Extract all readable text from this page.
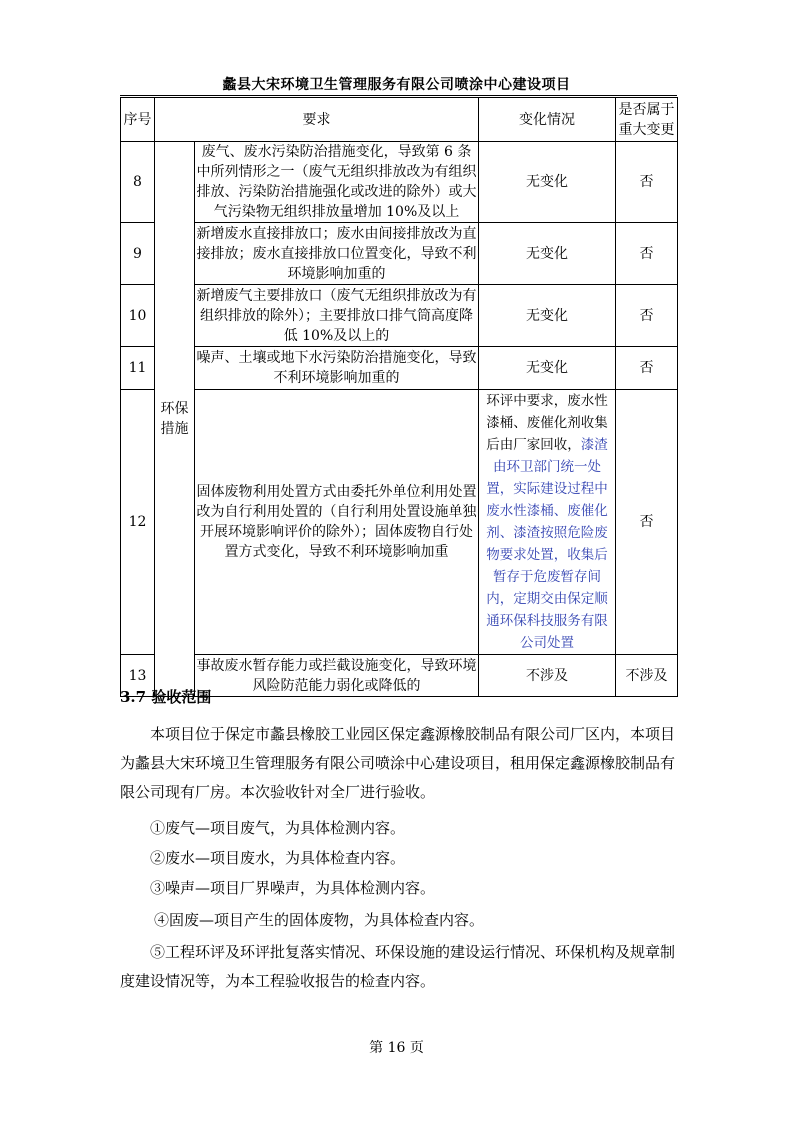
蠡县大宋环境卫生管理服务有限公司喷涂中心建设项目
序号	要求		变化情况	是否属于重大变更
8	环保措施	废气、废水污染防治措施变化，导致第 6 条中所列情形之一（废气无组织排放改为有组织排放、污染防治措施强化或改进的除外）或大气污染物无组织排放量增加 10%及以上	无变化	否
9		新增废水直接排放口；废水由间接排放改为直接排放；废水直接排放口位置变化，导致不利环境影响加重的	无变化	否
10		新增废气主要排放口（废气无组织排放改为有组织排放的除外）；主要排放口排气筒高度降低 10%及以上的	无变化	否
11		噪声、土壤或地下水污染防治措施变化，导致不利环境影响加重的	无变化	否
12		固体废物利用处置方式由委托外单位利用处置改为自行利用处置的（自行利用处置设施单独开展环境影响评价的除外）；固体废物自行处置方式变化，导致不利环境影响加重	环评中要求，废水性漆桶、废催化剂收集后由厂家回收，漆渣由环卫部门统一处置，实际建设过程中废水性漆桶、废催化剂、漆渣按照危险废物要求处置，收集后暂存于危废暂存间内，定期交由保定顺通环保科技服务有限公司处置	否
13		事故废水暂存能力或拦截设施变化，导致环境风险防范能力弱化或降低的	不涉及	不涉及
3.7 验收范围
本项目位于保定市蠡县橡胶工业园区保定鑫源橡胶制品有限公司厂区内，本项目为蠡县大宋环境卫生管理服务有限公司喷涂中心建设项目，租用保定鑫源橡胶制品有限公司现有厂房。本次验收针对全厂进行验收。
①废气—项目废气，为具体检测内容。
②废水—项目废水，为具体检查内容。
③噪声—项目厂界噪声，为具体检测内容。
④固废—项目产生的固体废物，为具体检查内容。
⑤工程环评及环评批复落实情况、环保设施的建设运行情况、环保机构及规章制度建设情况等，为本工程验收报告的检查内容。
第 16 页
